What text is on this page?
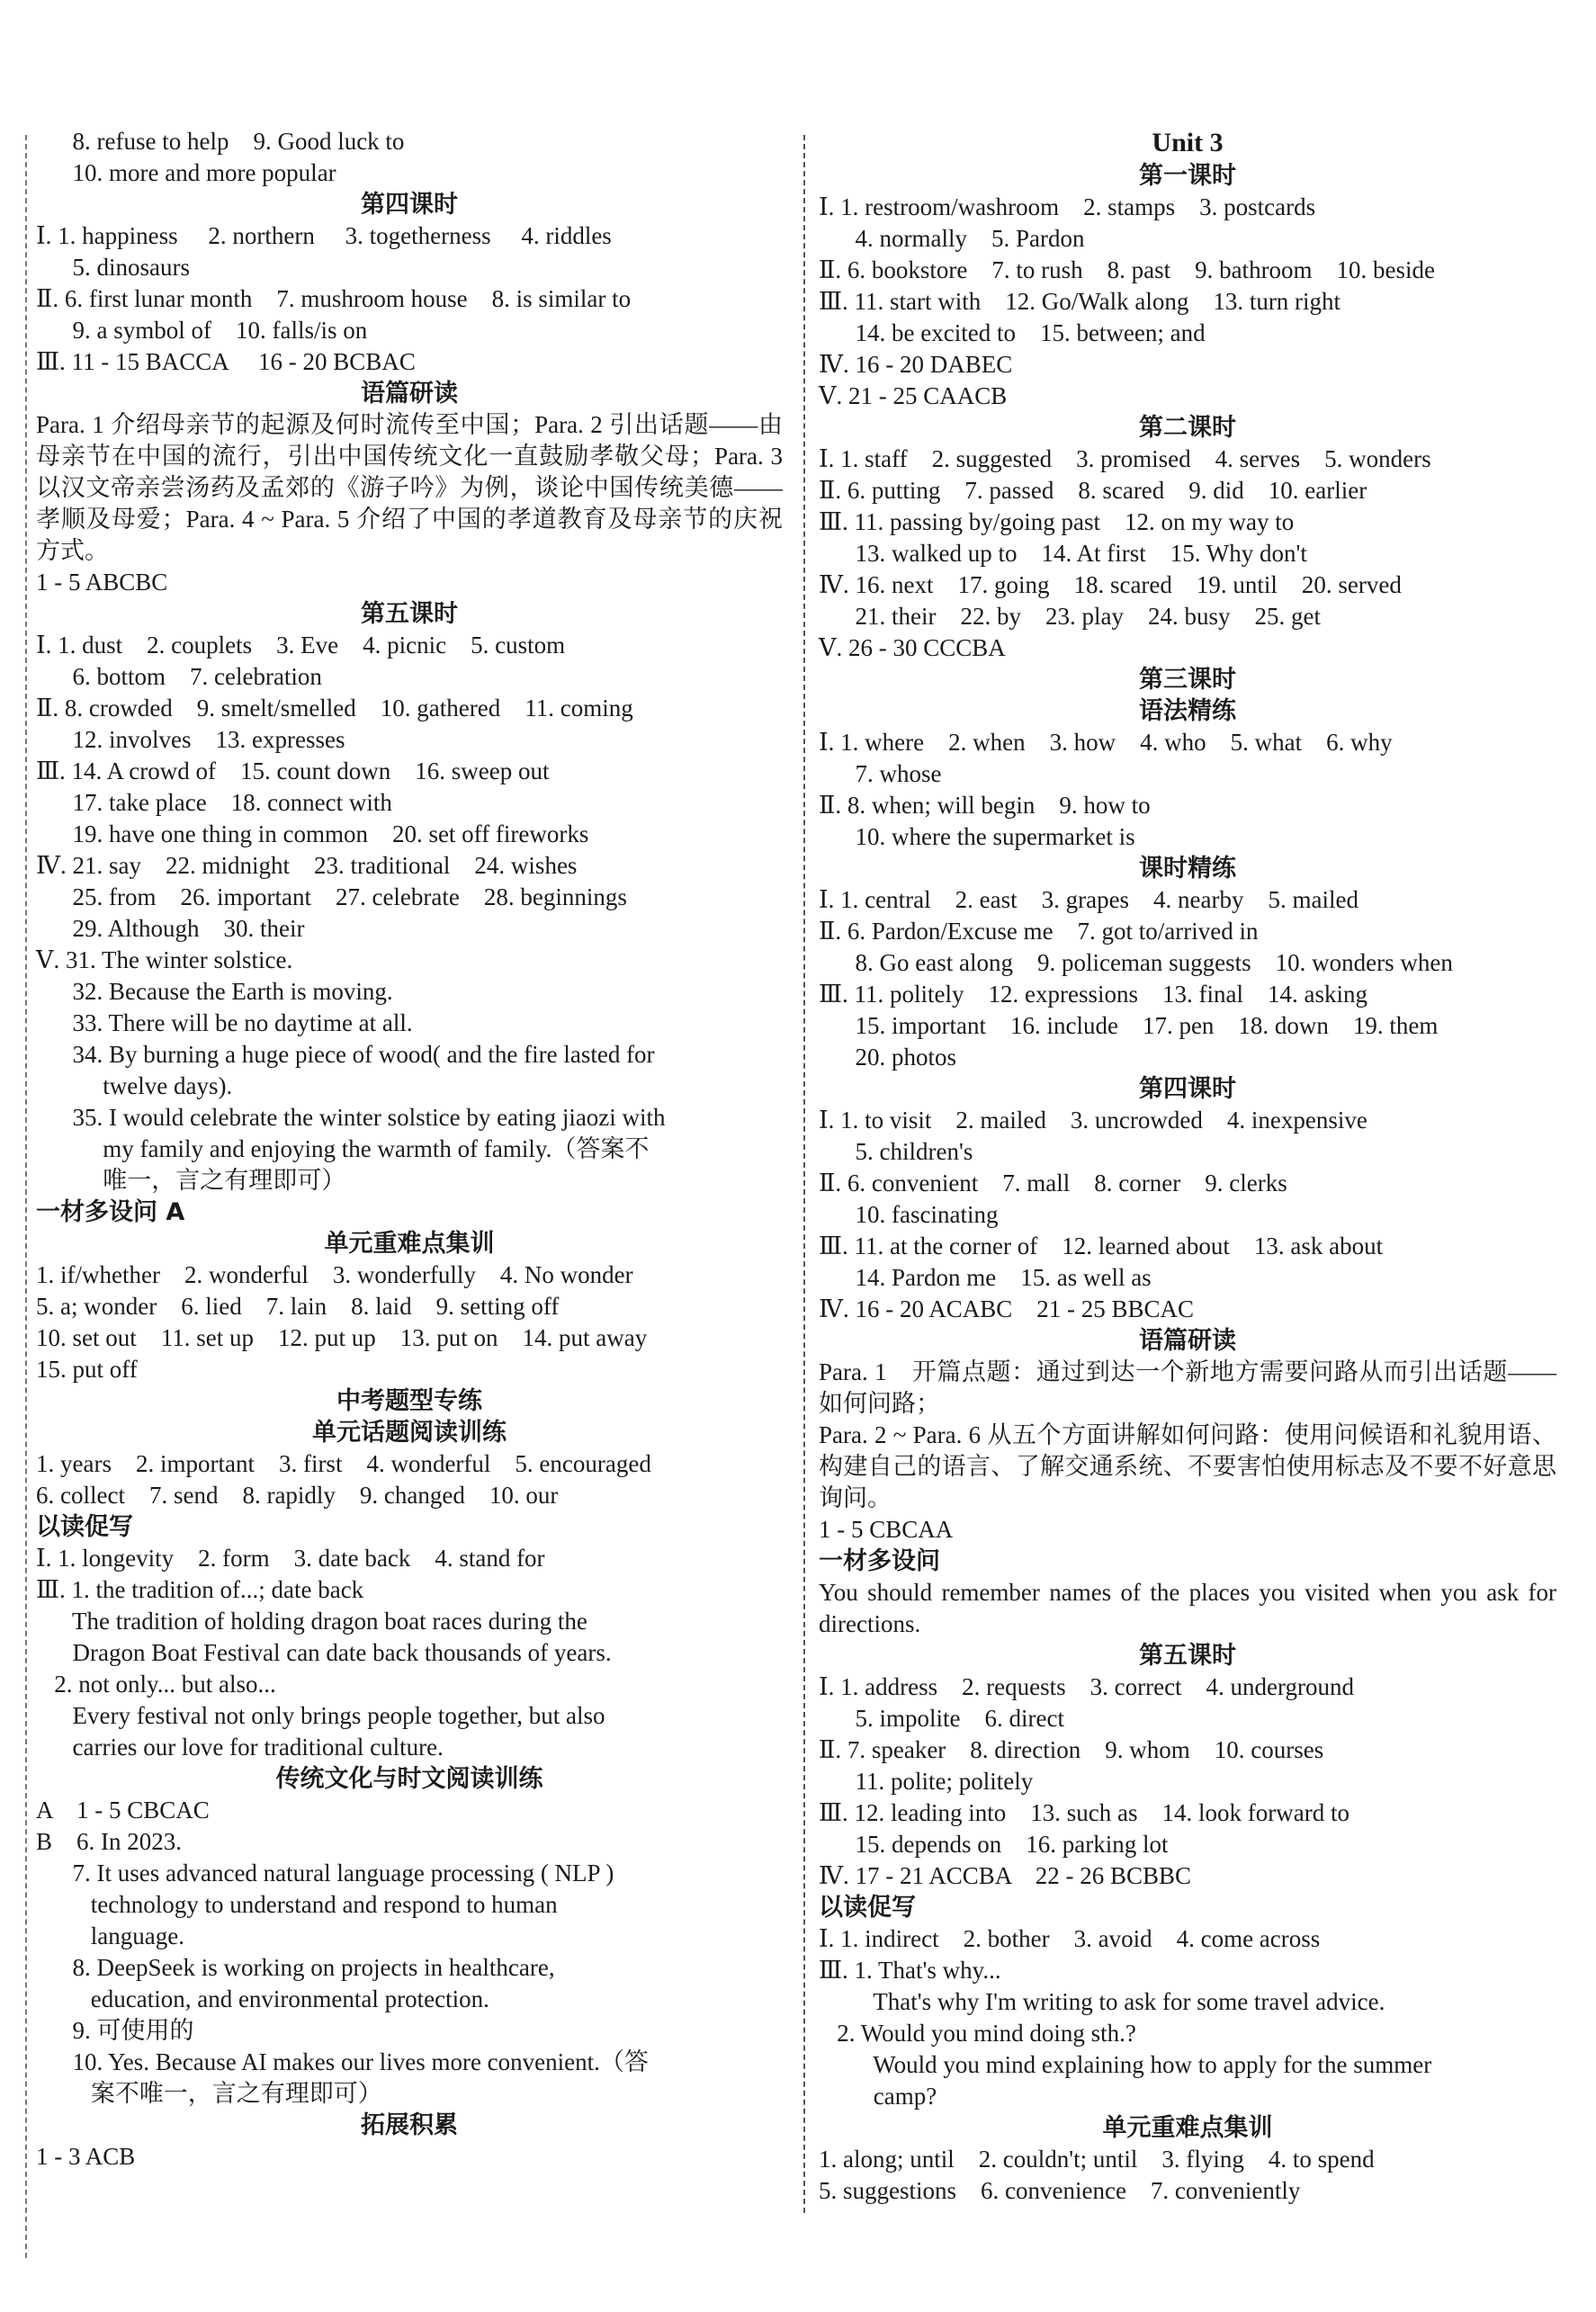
8. refuse to help    9. Good luck to
10. more and more popular
第四课时
Ⅰ. 1. happiness     2. northern     3. togetherness     4. riddles
5. dinosaurs
Ⅱ. 6. first lunar month    7. mushroom house    8. is similar to
9. a symbol of    10. falls/is on
Ⅲ. 11 - 15 BACCA     16 - 20 BCBAC
语篇研读
Para. 1 介绍母亲节的起源及何时流传至中国；Para. 2 引出话题——由母亲节在中国的流行，引出中国传统文化一直鼓励孝敬父母；Para. 3 以汉文帝亲尝汤药及孟郊的《游子吟》为例，谈论中国传统美德——孝顺及母爱；Para. 4 ~ Para. 5 介绍了中国的孝道教育及母亲节的庆祝方式。
1 - 5 ABCBC
第五课时
Ⅰ. 1. dust    2. couplets    3. Eve    4. picnic    5. custom
6. bottom    7. celebration
Ⅱ. 8. crowded    9. smelt/smelled    10. gathered    11. coming
12. involves    13. expresses
Ⅲ. 14. A crowd of    15. count down    16. sweep out
17. take place    18. connect with
19. have one thing in common    20. set off fireworks
Ⅳ. 21. say    22. midnight    23. traditional    24. wishes
25. from    26. important    27. celebrate    28. beginnings
29. Although    30. their
Ⅴ. 31. The winter solstice.
32. Because the Earth is moving.
33. There will be no daytime at all.
34. By burning a huge piece of wood( and the fire lasted for
twelve days).
35. I would celebrate the winter solstice by eating jiaozi with
my family and enjoying the warmth of family.（答案不
唯一，言之有理即可）
一材多设问 A
单元重难点集训
1. if/whether    2. wonderful    3. wonderfully    4. No wonder
5. a; wonder    6. lied    7. lain    8. laid    9. setting off
10. set out    11. set up    12. put up    13. put on    14. put away
15. put off
中考题型专练
单元话题阅读训练
1. years    2. important    3. first    4. wonderful    5. encouraged
6. collect    7. send    8. rapidly    9. changed    10. our
以读促写
Ⅰ. 1. longevity    2. form    3. date back    4. stand for
Ⅲ. 1. the tradition of...; date back
The tradition of holding dragon boat races during the
Dragon Boat Festival can date back thousands of years.
2. not only... but also...
Every festival not only brings people together, but also
carries our love for traditional culture.
传统文化与时文阅读训练
A    1 - 5 CBCAC
B    6. In 2023.
7. It uses advanced natural language processing ( NLP )
technology to understand and respond to human
language.
8. DeepSeek is working on projects in healthcare,
education, and environmental protection.
9. 可使用的
10. Yes. Because AI makes our lives more convenient.（答
案不唯一，言之有理即可）
拓展积累
1 - 3 ACB
Unit 3
第一课时
Ⅰ. 1. restroom/washroom    2. stamps    3. postcards
4. normally    5. Pardon
Ⅱ. 6. bookstore    7. to rush    8. past    9. bathroom    10. beside
Ⅲ. 11. start with    12. Go/Walk along    13. turn right
14. be excited to    15. between; and
Ⅳ. 16 - 20 DABEC
Ⅴ. 21 - 25 CAACB
第二课时
Ⅰ. 1. staff    2. suggested    3. promised    4. serves    5. wonders
Ⅱ. 6. putting    7. passed    8. scared    9. did    10. earlier
Ⅲ. 11. passing by/going past    12. on my way to
13. walked up to    14. At first    15. Why don't
Ⅳ. 16. next    17. going    18. scared    19. until    20. served
21. their    22. by    23. play    24. busy    25. get
Ⅴ. 26 - 30 CCCBA
第三课时
语法精练
Ⅰ. 1. where    2. when    3. how    4. who    5. what    6. why
7. whose
Ⅱ. 8. when; will begin    9. how to
10. where the supermarket is
课时精练
Ⅰ. 1. central    2. east    3. grapes    4. nearby    5. mailed
Ⅱ. 6. Pardon/Excuse me    7. got to/arrived in
8. Go east along    9. policeman suggests    10. wonders when
Ⅲ. 11. politely    12. expressions    13. final    14. asking
15. important    16. include    17. pen    18. down    19. them
20. photos
第四课时
Ⅰ. 1. to visit    2. mailed    3. uncrowded    4. inexpensive
5. children's
Ⅱ. 6. convenient    7. mall    8. corner    9. clerks
10. fascinating
Ⅲ. 11. at the corner of    12. learned about    13. ask about
14. Pardon me    15. as well as
Ⅳ. 16 - 20 ACABC    21 - 25 BBCAC
语篇研读
Para. 1　开篇点题：通过到达一个新地方需要问路从而引出话题——如何问路；
Para. 2 ~ Para. 6 从五个方面讲解如何问路：使用问候语和礼貌用语、构建自己的语言、了解交通系统、不要害怕使用标志及不要不好意思询问。
1 - 5 CBCAA
一材多设问
You should remember names of the places you visited when you ask for directions.
第五课时
Ⅰ. 1. address    2. requests    3. correct    4. underground
5. impolite    6. direct
Ⅱ. 7. speaker    8. direction    9. whom    10. courses
11. polite; politely
Ⅲ. 12. leading into    13. such as    14. look forward to
15. depends on    16. parking lot
Ⅳ. 17 - 21 ACCBA    22 - 26 BCBBC
以读促写
Ⅰ. 1. indirect    2. bother    3. avoid    4. come across
Ⅲ. 1. That's why...
That's why I'm writing to ask for some travel advice.
2. Would you mind doing sth.?
Would you mind explaining how to apply for the summer
camp?
单元重难点集训
1. along; until    2. couldn't; until    3. flying    4. to spend
5. suggestions    6. convenience    7. conveniently
